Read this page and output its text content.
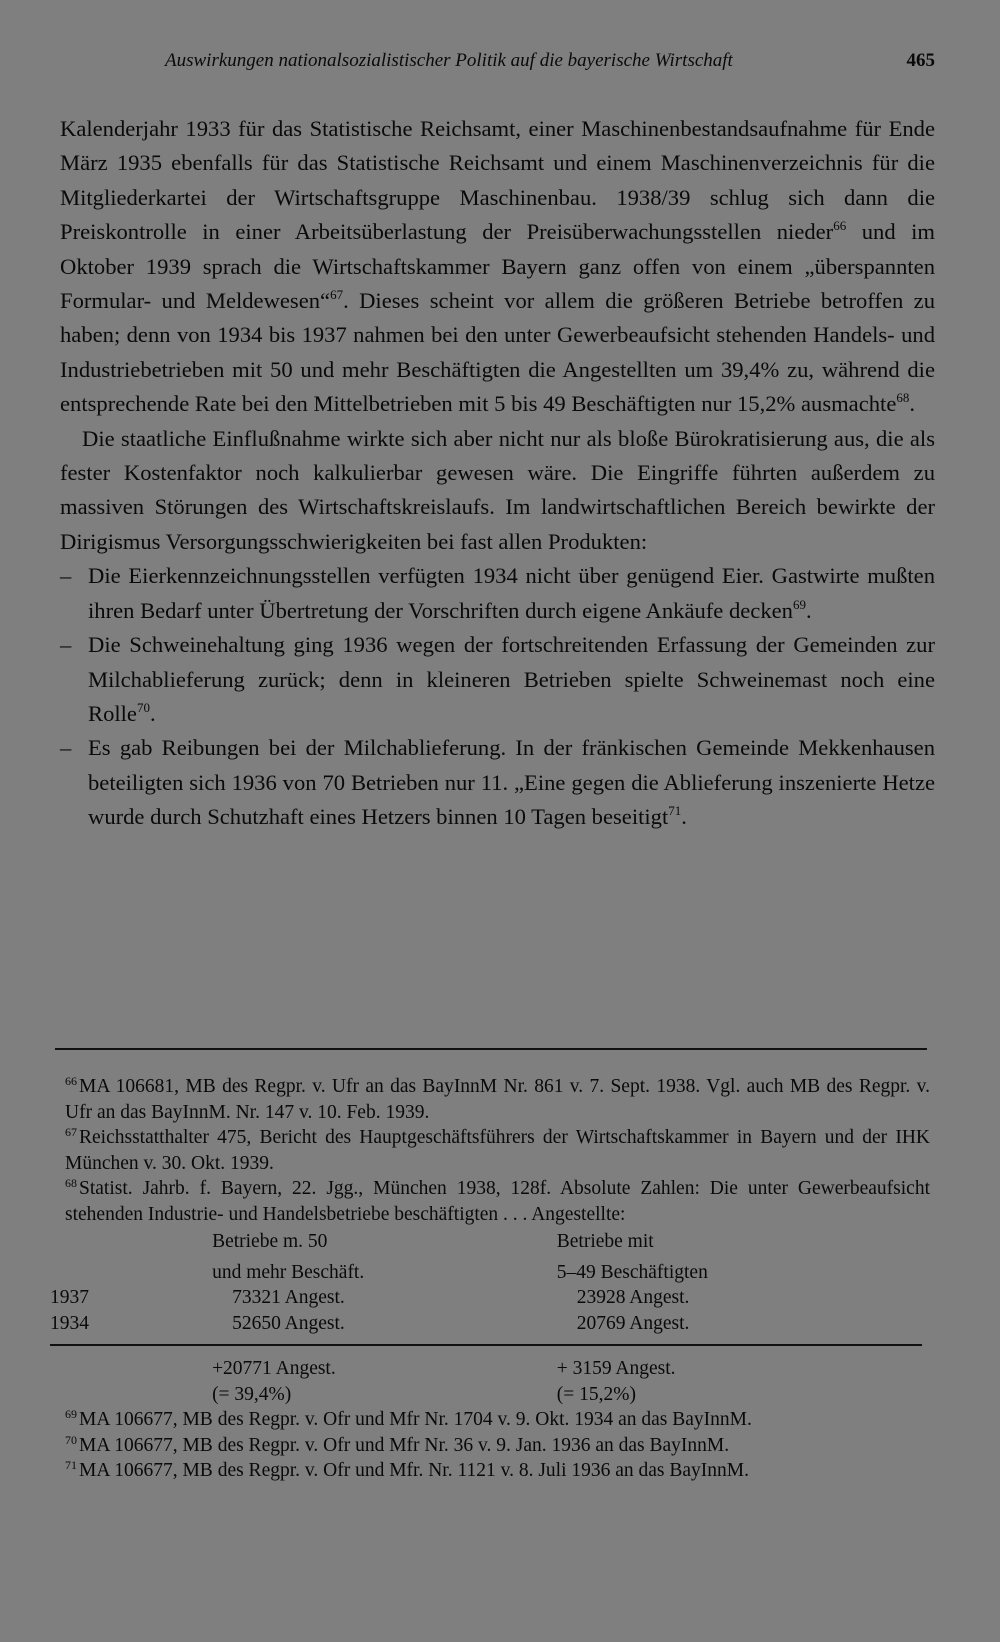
Auswirkungen nationalsozialistischer Politik auf die bayerische Wirtschaft	465

Kalenderjahr 1933 für das Statistische Reichsamt, einer Maschinenbestandsaufnahme für Ende März 1935 ebenfalls für das Statistische Reichsamt und einem Maschinenverzeichnis für die Mitgliederkartei der Wirtschaftsgruppe Maschinenbau. 1938/39 schlug sich dann die Preiskontrolle in einer Arbeitsüberlastung der Preisüberwachungsstellen nieder$^{66}$ und im Oktober 1939 sprach die Wirtschaftskammer Bayern ganz offen von einem „überspannten Formular- und Meldewesen“$^{67}$. Dieses scheint vor allem die größeren Betriebe betroffen zu haben; denn von 1934 bis 1937 nahmen bei den unter Gewerbeaufsicht stehenden Handels- und Industriebetrieben mit 50 und mehr Beschäftigten die Angestellten um 39,4% zu, während die entsprechende Rate bei den Mittelbetrieben mit 5 bis 49 Beschäftigten nur 15,2% ausmachte$^{68}$.

Die staatliche Einflußnahme wirkte sich aber nicht nur als bloße Bürokratisierung aus, die als fester Kostenfaktor noch kalkulierbar gewesen wäre. Die Eingriffe führten außerdem zu massiven Störungen des Wirtschaftskreislaufs. Im landwirtschaftlichen Bereich bewirkte der Dirigismus Versorgungsschwierigkeiten bei fast allen Produkten:

– Die Eierkennzeichnungsstellen verfügten 1934 nicht über genügend Eier. Gastwirte mußten ihren Bedarf unter Übertretung der Vorschriften durch eigene Ankäufe decken$^{69}$.
– Die Schweinehaltung ging 1936 wegen der fortschreitenden Erfassung der Gemeinden zur Milchablieferung zurück; denn in kleineren Betrieben spielte Schweinemast noch eine Rolle$^{70}$.
– Es gab Reibungen bei der Milchablieferung. In der fränkischen Gemeinde Mekkenhausen beteiligten sich 1936 von 70 Betrieben nur 11. „Eine gegen die Ablieferung inszenierte Hetze wurde durch Schutzhaft eines Hetzers binnen 10 Tagen beseitigt$^{71}$.
$^{66}$ MA 106681, MB des Regpr. v. Ufr an das BayInnM Nr. 861 v. 7. Sept. 1938. Vgl. auch MB des Regpr. v. Ufr an das BayInnM. Nr. 147 v. 10. Feb. 1939.
$^{67}$ Reichsstatthalter 475, Bericht des Hauptgeschäftsführers der Wirtschaftskammer in Bayern und der IHK München v. 30. Okt. 1939.
$^{68}$ Statist. Jahrb. f. Bayern, 22. Jgg., München 1938, 128f. Absolute Zahlen: Die unter Gewerbeaufsicht stehenden Industrie- und Handelsbetriebe beschäftigten . . . Angestellte:
	Betriebe m. 50	Betriebe mit
	und mehr Beschäft.	5–49 Beschäftigten
1937	73321 Angest.	23928 Angest.
1934	52650 Angest.	20769 Angest.

	+20771 Angest.	+ 3159 Angest.
	(= 39,4%)	(= 15,2%)
$^{69}$ MA 106677, MB des Regpr. v. Ofr und Mfr Nr. 1704 v. 9. Okt. 1934 an das BayInnM.
$^{70}$ MA 106677, MB des Regpr. v. Ofr und Mfr Nr. 36 v. 9. Jan. 1936 an das BayInnM.
$^{71}$ MA 106677, MB des Regpr. v. Ofr und Mfr. Nr. 1121 v. 8. Juli 1936 an das BayInnM.
